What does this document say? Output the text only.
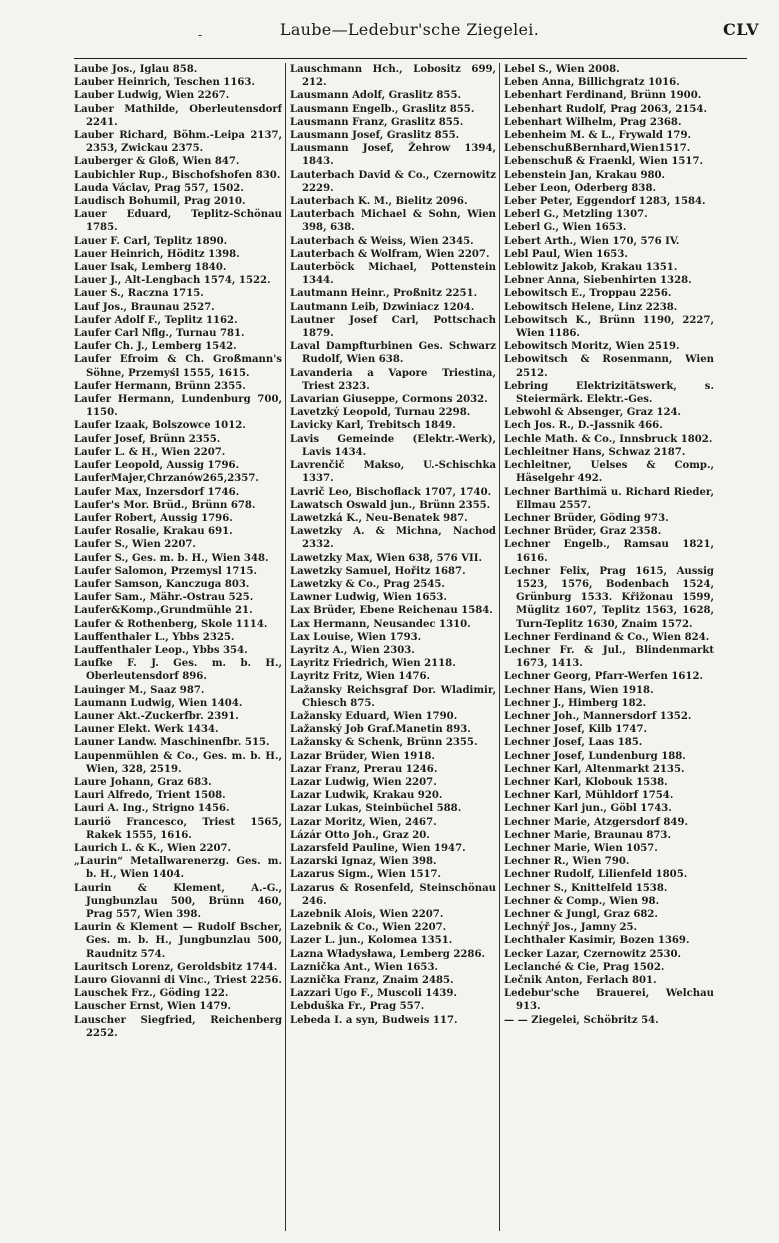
-	Laube—Ledebur'sche Ziegelei.	CLV

Laube Jos., Iglau 858.

Lauber Heinrich, Teschen 1163.

Lauber Ludwig, Wien 2267.

Lauber Mathilde, Oberleutensdorf 2241.

Lauber Richard, Böhm.-Leipa 2137, 2353, Zwickau 2375.

Lauberger & Gloß, Wien 847.

Laubichler Rup., Bischofshofen 830.

Lauda Václav, Prag 557, 1502.

Laudisch Bohumil, Prag 2010.

Lauer Eduard, Teplitz-Schönau 1785.

Lauer F. Carl, Teplitz 1890.

Lauer Heinrich, Höditz 1398.

Lauer Isak, Lemberg 1840.

Lauer J., Alt-Lengbach 1574, 1522.

Lauer S., Raczna 1715.

Lauf Jos., Braunau 2527.

Laufer Adolf F., Teplitz 1162.

Laufer Carl Nflg., Turnau 781.

Laufer Ch. J., Lemberg 1542.

Laufer Efroim & Ch. Großmann's Söhne, Przemyśl 1555, 1615.

Laufer Hermann, Brünn 2355.

Laufer Hermann, Lundenburg 700, 1150.

Laufer Izaak, Bolszowce 1012.

Laufer Josef, Brünn 2355.

Laufer L. & H., Wien 2207.

Laufer Leopold, Aussig 1796.

LauferMajer,Chrzanów265,2357.

Laufer Max, Inzersdorf 1746.

Laufer's Mor. Brüd., Brünn 678.

Laufer Robert, Aussig 1796.

Laufer Rosalie, Krakau 691.

Laufer S., Wien 2207.

Laufer S., Ges. m. b. H., Wien 348.

Laufer Salomon, Przemysl 1715.

Laufer Samson, Kanczuga 803.

Laufer Sam., Mähr.-Ostrau 525.

Laufer&Komp.,Grundmühle 21.

Laufer & Rothenberg, Skole 1114.

Lauffenthaler L., Ybbs 2325.

Lauffenthaler Leop., Ybbs 354.

Laufke F. J. Ges. m. b. H., Oberleutensdorf 896.

Lauinger M., Saaz 987.

Laumann Ludwig, Wien 1404.

Launer Akt.-Zuckerfbr. 2391.

Launer Elekt. Werk 1434.

Launer Landw. Maschinenfbr. 515.

Laupenmühlen & Co., Ges. m. b. H., Wien, 328, 2519.

Laure Johann, Graz 683.

Lauri Alfredo, Trient 1508.

Lauri A. Ing., Strigno 1456.

Lauriö Francesco, Triest 1565, Rakek 1555, 1616.

Laurich L. & K., Wien 2207.

„Laurin“ Metallwarenerzg. Ges. m. b. H., Wien 1404.

Laurin & Klement, A.-G., Jungbunzlau 500, Brünn 460, Prag 557, Wien 398.

Laurin & Klement — Rudolf Bscher, Ges. m. b. H., Jungbunzlau 500, Raudnitz 574.

Lauritsch Lorenz, Geroldsbitz 1744.

Lauro Giovanni di Vinc., Triest 2256.

Lauschek Frz., Göding 122.

Lauscher Ernst, Wien 1479.

Lauscher Siegfried, Reichenberg 2252.

Lauschmann Hch., Lobositz 699, 212.

Lausmann Adolf, Graslitz 855.

Lausmann Engelb., Graslitz 855.

Lausmann Franz, Graslitz 855.

Lausmann Josef, Graslitz 855.

Lausmann Josef, Žehrow 1394, 1843.

Lauterbach David & Co., Czernowitz 2229.

Lauterbach K. M., Bielitz 2096.

Lauterbach Michael & Sohn, Wien 398, 638.

Lauterbach & Weiss, Wien 2345.

Lauterbach & Wolfram, Wien 2207.

Lauterböck Michael, Pottenstein 1344.

Lautmann Heinr., Proßnitz 2251.

Lautmann Leib, Dzwiniacz 1204.

Lautner Josef Carl, Pottschach 1879.

Laval Dampfturbinen Ges. Schwarz Rudolf, Wien 638.

Lavanderia a Vapore Triestina, Triest 2323.

Lavarian Giuseppe, Cormons 2032.

Lavetzký Leopold, Turnau 2298.

Lavicky Karl, Trebitsch 1849.

Lavis Gemeinde (Elektr.-Werk), Lavis 1434.

Lavrenčič Makso, U.-Schischka 1337.

Lavrič Leo, Bischoflack 1707, 1740.

Lawatsch Oswald jun., Brünn 2355.

Lawetzká K., Neu-Benatek 987.

Lawetzky A. & Michna, Nachod 2332.

Lawetzky Max, Wien 638, 576 VII.

Lawetzky Samuel, Hořitz 1687.

Lawetzky & Co., Prag 2545.

Lawner Ludwig, Wien 1653.

Lax Brüder, Ebene Reichenau 1584.

Lax Hermann, Neusandec 1310.

Lax Louise, Wien 1793.

Layritz A., Wien 2303.

Layritz Friedrich, Wien 2118.

Layritz Fritz, Wien 1476.

Lažansky Reichsgraf Dor. Wladimir, Chiesch 875.

Lažansky Eduard, Wien 1790.

Lažanský Job Graf.Manetin 893.

Lažansky & Schenk, Brünn 2355.

Lazar Brüder, Wien 1918.

Lazar Franz, Prerau 1246.

Lazar Ludwig, Wien 2207.

Lazar Ludwik, Krakau 920.

Lazar Lukas, Steinbüchel 588.

Lazar Moritz, Wien, 2467.

Lázár Otto Joh., Graz 20.

Lazarsfeld Pauline, Wien 1947.

Lazarski Ignaz, Wien 398.

Lazarus Sigm., Wien 1517.

Lazarus & Rosenfeld, Steinschönau 246.

Lazebnik Alois, Wien 2207.

Lazebnik & Co., Wien 2207.

Lazer L. jun., Kolomea 1351.

Lazna Władysława, Lemberg 2286.

Laznička Ant., Wien 1653.

Laznička Franz, Znaim 2485.

Lazzari Ugo F., Muscoli 1439.

Lebduška Fr., Prag 557.

Lebeda I. a syn, Budweis 117.

Lebel S., Wien 2008.

Leben Anna, Billichgratz 1016.

Lebenhart Ferdinand, Brünn 1900.

Lebenhart Rudolf, Prag 2063, 2154.

Lebenhart Wilhelm, Prag 2368.

Lebenheim M. & L., Frywald 179.

LebenschußBernhard,Wien1517.

Lebenschuß & Fraenkl, Wien 1517.

Lebenstein Jan, Krakau 980.

Leber Leon, Oderberg 838.

Leber Peter, Eggendorf 1283, 1584.

Leberl G., Metzling 1307.

Leberl G., Wien 1653.

Lebert Arth., Wien 170, 576 IV.

Lebl Paul, Wien 1653.

Leblowitz Jakob, Krakau 1351.

Lebner Anna, Siebenhirten 1328.

Lebowitsch E., Troppau 2256.

Lebowitsch Helene, Linz 2238.

Lebowitsch K., Brünn 1190, 2227, Wien 1186.

Lebowitsch Moritz, Wien 2519.

Lebowitsch & Rosenmann, Wien 2512.

Lebring Elektrizitätswerk, s. Steiermärk. Elektr.-Ges.

Lebwohl & Absenger, Graz 124.

Lech Jos. R., D.-Jassnik 466.

Lechle Math. & Co., Innsbruck 1802.

Lechleitner Hans, Schwaz 2187.

Lechleitner, Uelses & Comp., Häselgehr 492.

Lechner Barthimä u. Richard Rieder, Ellmau 2557.

Lechner Brüder, Göding 973.

Lechner Brüder, Graz 2358.

Lechner Engelb., Ramsau 1821, 1616.

Lechner Felix, Prag 1615, Aussig 1523, 1576, Bodenbach 1524, Grünburg 1533. Křižonau 1599, Müglitz 1607, Teplitz 1563, 1628, Turn-Teplitz 1630, Znaim 1572.

Lechner Ferdinand & Co., Wien 824.

Lechner Fr. & Jul., Blindenmarkt 1673, 1413.

Lechner Georg, Pfarr-Werfen 1612.

Lechner Hans, Wien 1918.

Lechner J., Himberg 182.

Lechner Joh., Mannersdorf 1352.

Lechner Josef, Kilb 1747.

Lechner Josef, Laas 185.

Lechner Josef, Lundenburg 188.

Lechner Karl, Altenmarkt 2135.

Lechner Karl, Klobouk 1538.

Lechner Karl, Mühldorf 1754.

Lechner Karl jun., Göbl 1743.

Lechner Marie, Atzgersdorf 849.

Lechner Marie, Braunau 873.

Lechner Marie, Wien 1057.

Lechner R., Wien 790.

Lechner Rudolf, Lilienfeld 1805.

Lechner S., Knittelfeld 1538.

Lechner & Comp., Wien 98.

Lechner & Jungl, Graz 682.

Lechnýř Jos., Jamny 25.

Lechthaler Kasimir, Bozen 1369.

Lecker Lazar, Czernowitz 2530.

Leclanché & Cie, Prag 1502.

Lečnik Anton, Ferlach 801.

Ledebur'sche Brauerei, Welchau 913.

— — Ziegelei, Schöbritz 54.
